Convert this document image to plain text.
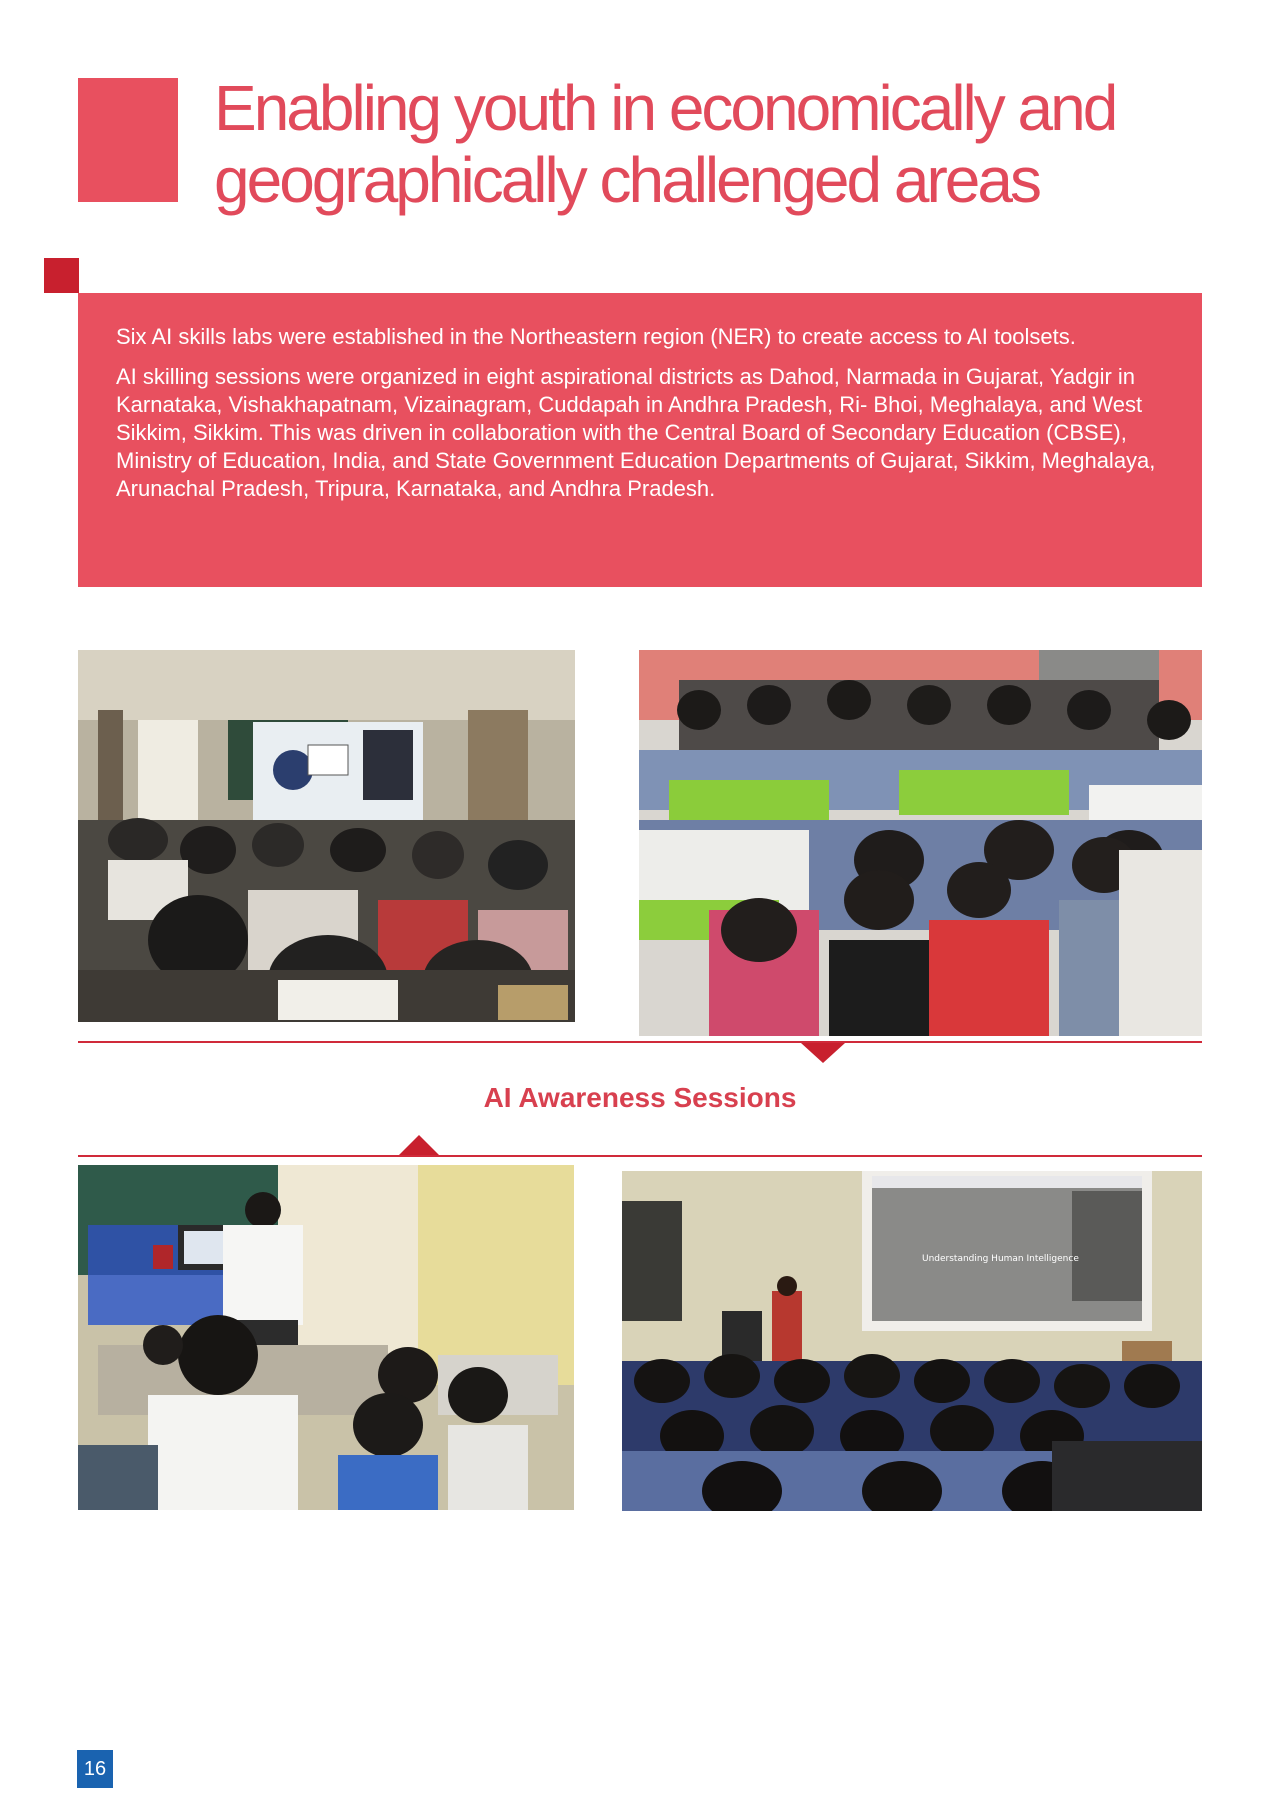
Enabling youth in economically and
geographically challenged areas

Six AI skills labs were established in the Northeastern region (NER) to create access to AI toolsets.

AI skilling sessions were organized in eight aspirational districts as Dahod, Narmada in Gujarat, Yadgir in Karnataka, Vishakhapatnam, Vizainagram, Cuddapah in Andhra Pradesh, Ri- Bhoi, Meghalaya, and West Sikkim, Sikkim. This was driven in collaboration with the Central Board of Secondary Education (CBSE), Ministry of Education, India, and State Government Education Departments of Gujarat, Sikkim, Meghalaya, Arunachal Pradesh, Tripura, Karnataka, and Andhra Pradesh.

AI Awareness Sessions
Understanding Human Intelligence
16
